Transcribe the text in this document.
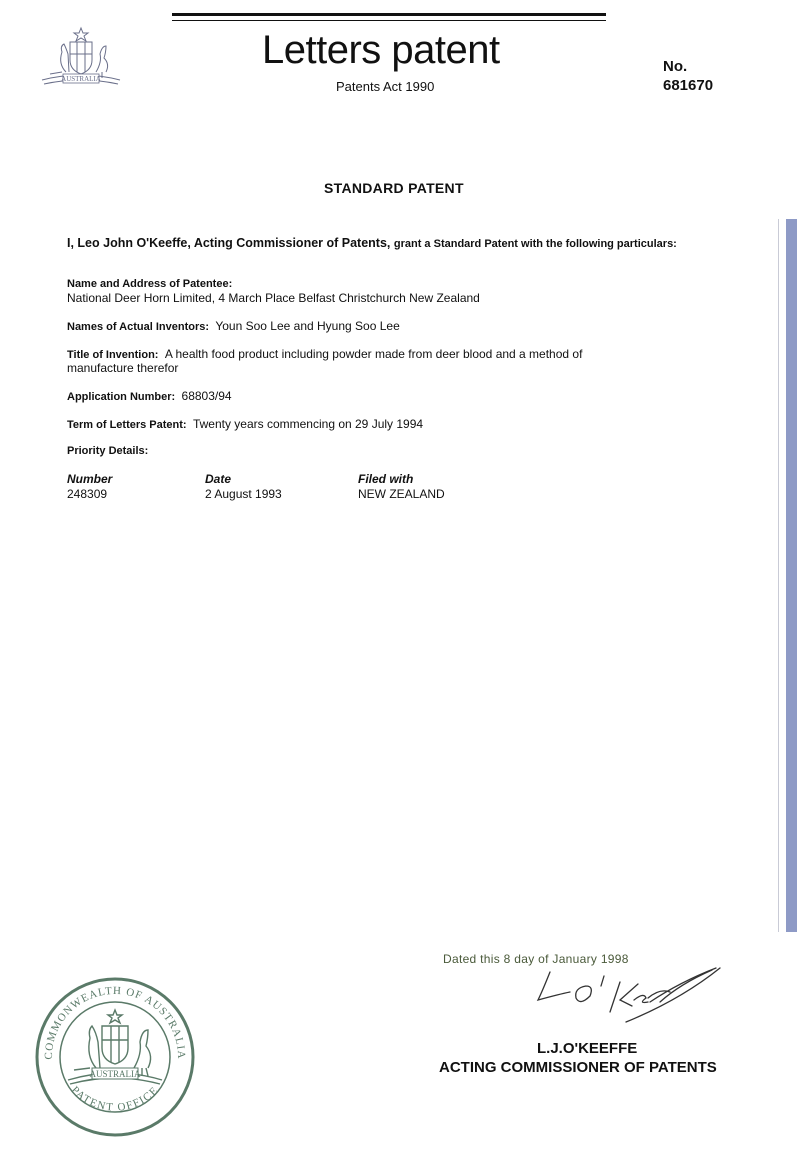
AUSTRALIA
Letters patent
Patents Act 1990
No.
681670
STANDARD PATENT
I, Leo John O'Keeffe, Acting Commissioner of Patents, grant a Standard Patent with the following particulars:
Name and Address of Patentee:
National Deer Horn Limited, 4 March Place Belfast Christchurch New Zealand
Names of Actual Inventors: Youn Soo Lee and Hyung Soo Lee
Title of Invention: A health food product including powder made from deer blood and a method of
manufacture therefor
Application Number: 68803/94
Term of Letters Patent: Twenty years commencing on 29 July 1994
Priority Details:
Number	Date	Filed with
248309	2 August 1993	NEW ZEALAND
Dated this 8 day of January 1998
L.J.O'KEEFFE
ACTING COMMISSIONER OF PATENTS
COMMONWEALTH OF AUSTRALIA
PATENT OFFICE
AUSTRALIA
